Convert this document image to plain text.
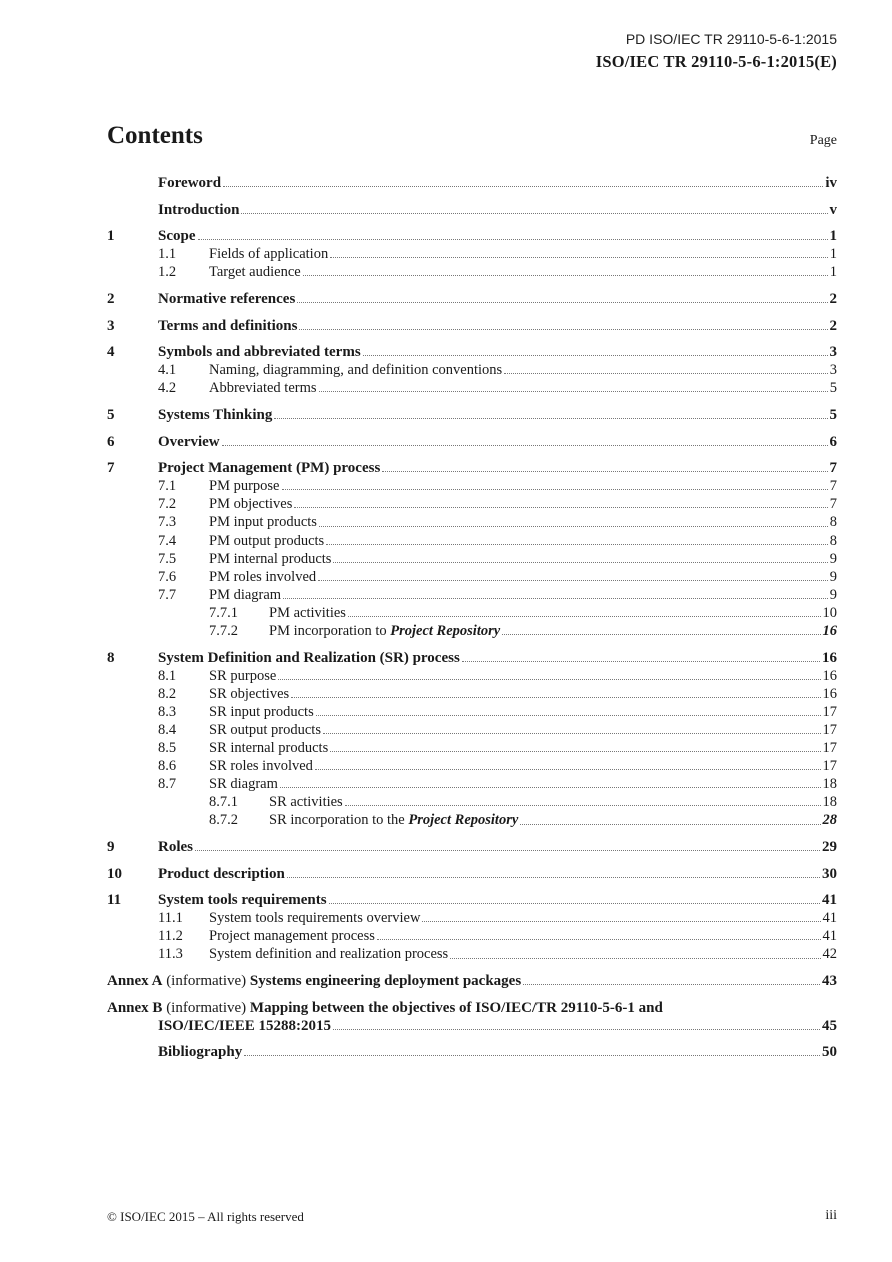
PD ISO/IEC TR 29110-5-6-1:2015
ISO/IEC TR 29110-5-6-1:2015(E)
Contents	Page
Foreword	iv
Introduction	v
1	Scope	1
1.1	Fields of application	1
1.2	Target audience	1
2	Normative references	2
3	Terms and definitions	2
4	Symbols and abbreviated terms	3
4.1	Naming, diagramming, and definition conventions	3
4.2	Abbreviated terms	5
5	Systems Thinking	5
6	Overview	6
7	Project Management (PM) process	7
7.1	PM purpose	7
7.2	PM objectives	7
7.3	PM input products	8
7.4	PM output products	8
7.5	PM internal products	9
7.6	PM roles involved	9
7.7	PM diagram	9
7.7.1	PM activities	10
7.7.2	PM incorporation to Project Repository	16
8	System Definition and Realization (SR) process	16
8.1	SR purpose	16
8.2	SR objectives	16
8.3	SR input products	17
8.4	SR output products	17
8.5	SR internal products	17
8.6	SR roles involved	17
8.7	SR diagram	18
8.7.1	SR activities	18
8.7.2	SR incorporation to the Project Repository	28
9	Roles	29
10	Product description	30
11	System tools requirements	41
11.1	System tools requirements overview	41
11.2	Project management process	41
11.3	System definition and realization process	42
Annex A (informative) Systems engineering deployment packages	43
Annex B (informative) Mapping between the objectives of ISO/IEC/TR 29110-5-6-1 and
ISO/IEC/IEEE 15288:2015	45
Bibliography	50
© ISO/IEC 2015 – All rights reserved	iii
